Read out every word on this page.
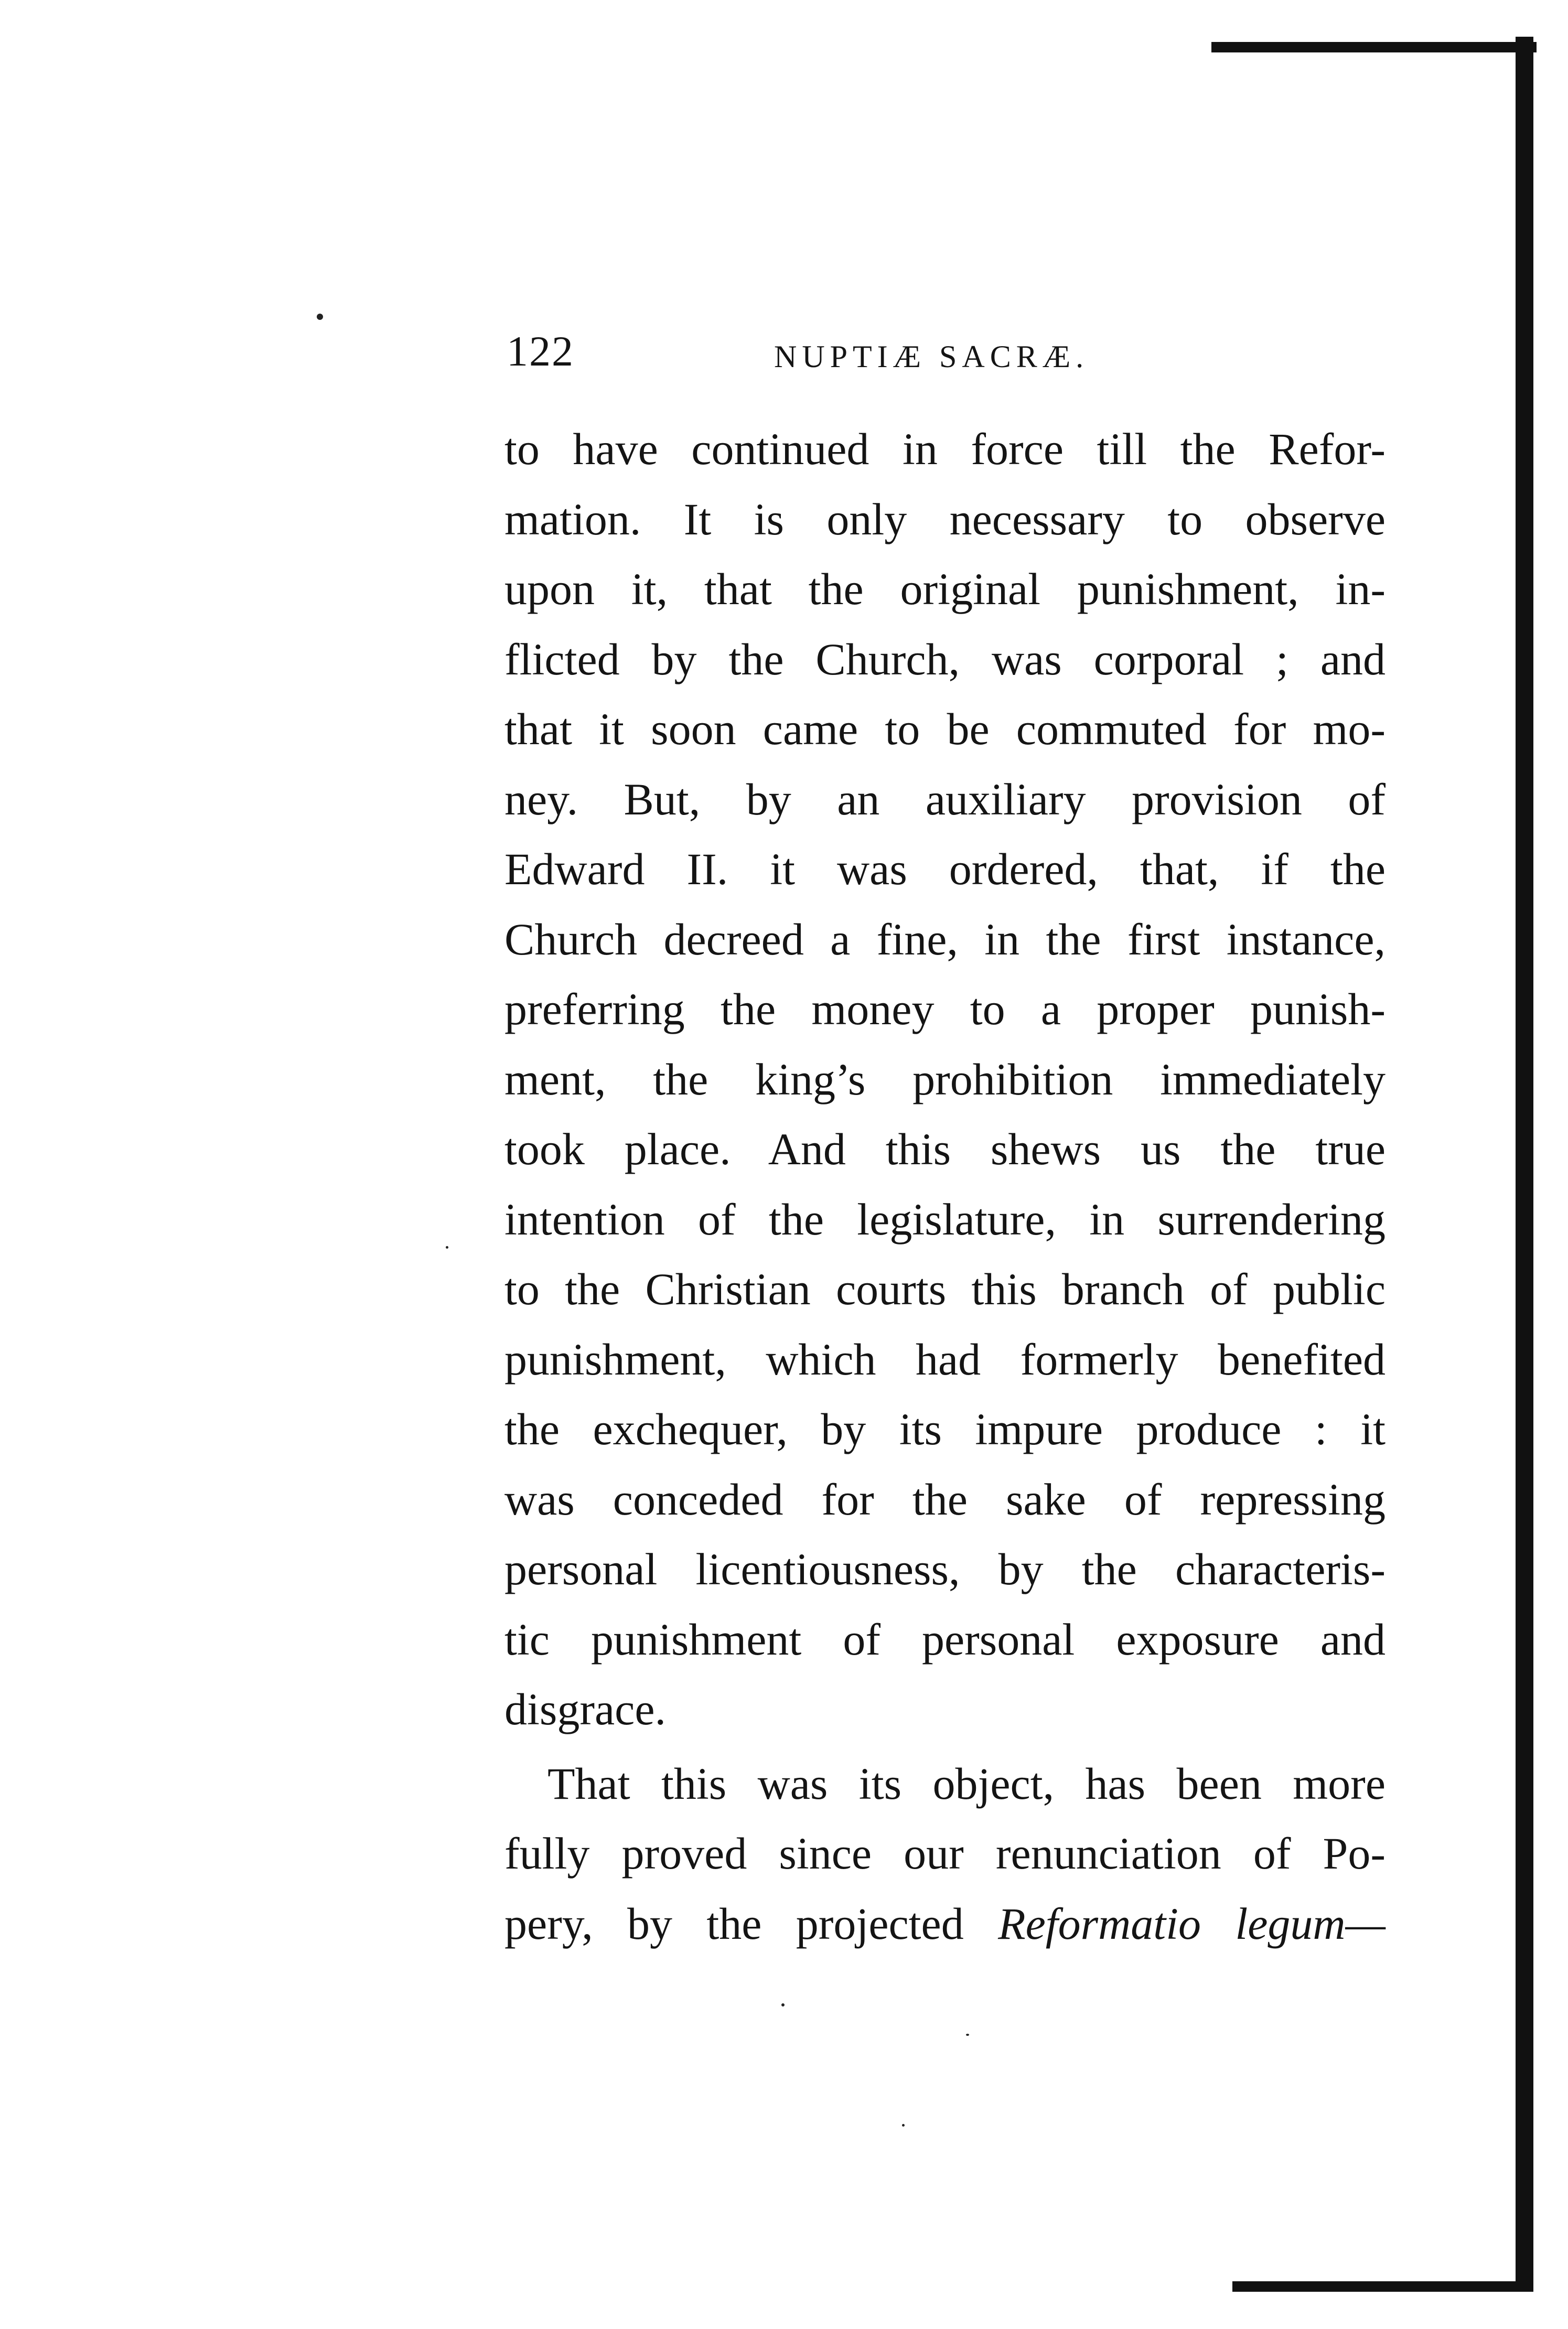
122	NUPTIÆ SACRÆ.
to have continued in force till the Refor-
mation. It is only necessary to observe
upon it, that the original punishment, in-
flicted by the Church, was corporal ; and
that it soon came to be commuted for mo-
ney. But, by an auxiliary provision of
Edward II. it was ordered, that, if the
Church decreed a fine, in the first instance,
preferring the money to a proper punish-
ment, the king’s prohibition immediately
took place. And this shews us the true
intention of the legislature, in surrendering
to the Christian courts this branch of public
punishment, which had formerly benefited
the exchequer, by its impure produce : it
was conceded for the sake of repressing
personal licentiousness, by the characteris-
tic punishment of personal exposure and
disgrace.
That this was its object, has been more
fully proved since our renunciation of Po-
pery, by the projected Reformatio legum—
